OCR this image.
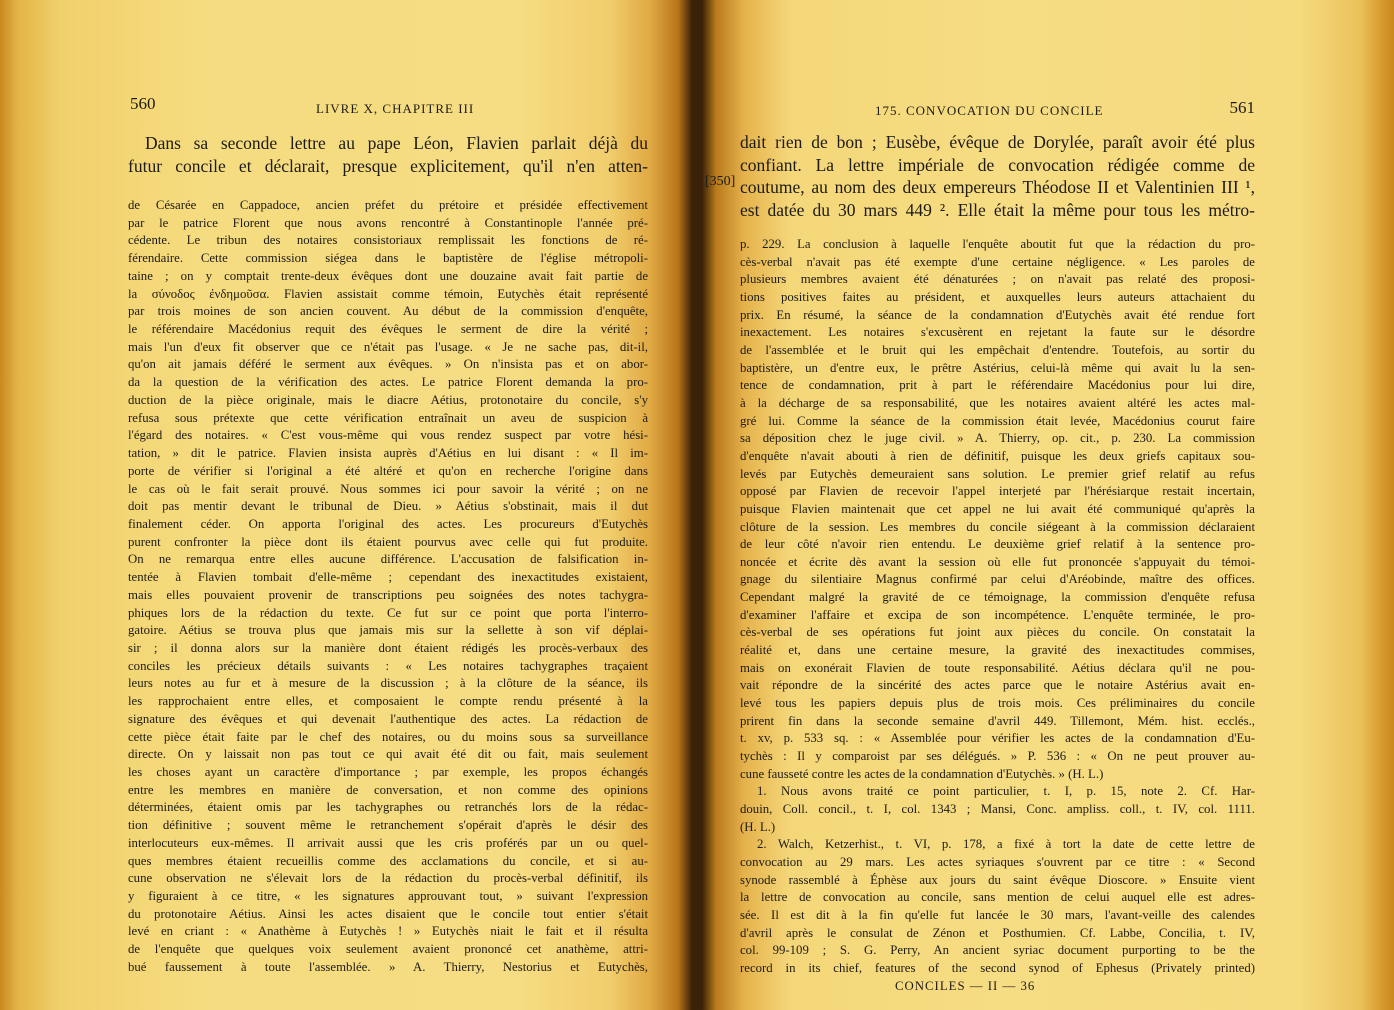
560	LIVRE X, CHAPITRE III
Dans sa seconde lettre au pape Léon, Flavien parlait déjà du
futur concile et déclarait, presque explicitement, qu'il n'en atten-
de Césarée en Cappadoce, ancien préfet du prétoire et présidée effectivement
par le patrice Florent que nous avons rencontré à Constantinople l'année pré-
cédente. Le tribun des notaires consistoriaux remplissait les fonctions de ré-
férendaire. Cette commission siégea dans le baptistère de l'église métropoli-
taine ; on y comptait trente-deux évêques dont une douzaine avait fait partie de
la σύνοδος ἐνδημοῦσα. Flavien assistait comme témoin, Eutychès était représenté
par trois moines de son ancien couvent. Au début de la commission d'enquête,
le référendaire Macédonius requit des évêques le serment de dire la vérité ;
mais l'un d'eux fit observer que ce n'était pas l'usage. « Je ne sache pas, dit-il,
qu'on ait jamais déféré le serment aux évêques. » On n'insista pas et on abor-
da la question de la vérification des actes. Le patrice Florent demanda la pro-
duction de la pièce originale, mais le diacre Aétius, protonotaire du concile, s'y
refusa sous prétexte que cette vérification entraînait un aveu de suspicion à
l'égard des notaires. « C'est vous-même qui vous rendez suspect par votre hési-
tation, » dit le patrice. Flavien insista auprès d'Aétius en lui disant : « Il im-
porte de vérifier si l'original a été altéré et qu'on en recherche l'origine dans
le cas où le fait serait prouvé. Nous sommes ici pour savoir la vérité ; on ne
doit pas mentir devant le tribunal de Dieu. » Aétius s'obstinait, mais il dut
finalement céder. On apporta l'original des actes. Les procureurs d'Eutychès
purent confronter la pièce dont ils étaient pourvus avec celle qui fut produite.
On ne remarqua entre elles aucune différence. L'accusation de falsification in-
tentée à Flavien tombait d'elle-même ; cependant des inexactitudes existaient,
mais elles pouvaient provenir de transcriptions peu soignées des notes tachygra-
phiques lors de la rédaction du texte. Ce fut sur ce point que porta l'interro-
gatoire. Aétius se trouva plus que jamais mis sur la sellette à son vif déplai-
sir ; il donna alors sur la manière dont étaient rédigés les procès-verbaux des
conciles les précieux détails suivants : « Les notaires tachygraphes traçaient
leurs notes au fur et à mesure de la discussion ; à la clôture de la séance, ils
les rapprochaient entre elles, et composaient le compte rendu présenté à la
signature des évêques et qui devenait l'authentique des actes. La rédaction de
cette pièce était faite par le chef des notaires, ou du moins sous sa surveillance
directe. On y laissait non pas tout ce qui avait été dit ou fait, mais seulement
les choses ayant un caractère d'importance ; par exemple, les propos échangés
entre les membres en manière de conversation, et non comme des opinions
déterminées, étaient omis par les tachygraphes ou retranchés lors de la rédac-
tion définitive ; souvent même le retranchement s'opérait d'après le désir des
interlocuteurs eux-mêmes. Il arrivait aussi que les cris proférés par un ou quel-
ques membres étaient recueillis comme des acclamations du concile, et si au-
cune observation ne s'élevait lors de la rédaction du procès-verbal définitif, ils
y figuraient à ce titre, « les signatures approuvant tout, » suivant l'expression
du protonotaire Aétius. Ainsi les actes disaient que le concile tout entier s'était
levé en criant : « Anathème à Eutychès ! » Eutychès niait le fait et il résulta
de l'enquête que quelques voix seulement avaient prononcé cet anathème, attri-
bué faussement à toute l'assemblée. » A. Thierry, Nestorius et Eutychès,
175. CONVOCATION DU CONCILE	561
[350]
dait rien de bon ; Eusèbe, évêque de Dorylée, paraît avoir été plus
confiant. La lettre impériale de convocation rédigée comme de
coutume, au nom des deux empereurs Théodose II et Valentinien III ¹,
est datée du 30 mars 449 ². Elle était la même pour tous les métro-
p. 229. La conclusion à laquelle l'enquête aboutit fut que la rédaction du pro-
cès-verbal n'avait pas été exempte d'une certaine négligence. « Les paroles de
plusieurs membres avaient été dénaturées ; on n'avait pas relaté des proposi-
tions positives faites au président, et auxquelles leurs auteurs attachaient du
prix. En résumé, la séance de la condamnation d'Eutychès avait été rendue fort
inexactement. Les notaires s'excusèrent en rejetant la faute sur le désordre
de l'assemblée et le bruit qui les empêchait d'entendre. Toutefois, au sortir du
baptistère, un d'entre eux, le prêtre Astérius, celui-là même qui avait lu la sen-
tence de condamnation, prit à part le référendaire Macédonius pour lui dire,
à la décharge de sa responsabilité, que les notaires avaient altéré les actes mal-
gré lui. Comme la séance de la commission était levée, Macédonius courut faire
sa déposition chez le juge civil. » A. Thierry, op. cit., p. 230. La commission
d'enquête n'avait abouti à rien de définitif, puisque les deux griefs capitaux sou-
levés par Eutychès demeuraient sans solution. Le premier grief relatif au refus
opposé par Flavien de recevoir l'appel interjeté par l'hérésiarque restait incertain,
puisque Flavien maintenait que cet appel ne lui avait été communiqué qu'après la
clôture de la session. Les membres du concile siégeant à la commission déclaraient
de leur côté n'avoir rien entendu. Le deuxième grief relatif à la sentence pro-
noncée et écrite dès avant la session où elle fut prononcée s'appuyait du témoi-
gnage du silentiaire Magnus confirmé par celui d'Aréobinde, maître des offices.
Cependant malgré la gravité de ce témoignage, la commission d'enquête refusa
d'examiner l'affaire et excipa de son incompétence. L'enquête terminée, le pro-
cès-verbal de ses opérations fut joint aux pièces du concile. On constatait la
réalité et, dans une certaine mesure, la gravité des inexactitudes commises,
mais on exonérait Flavien de toute responsabilité. Aétius déclara qu'il ne pou-
vait répondre de la sincérité des actes parce que le notaire Astérius avait en-
levé tous les papiers depuis plus de trois mois. Ces préliminaires du concile
prirent fin dans la seconde semaine d'avril 449. Tillemont, Mém. hist. ecclés.,
t. xv, p. 533 sq. : « Assemblée pour vérifier les actes de la condamnation d'Eu-
tychès : Il y comparoist par ses délégués. » P. 536 : « On ne peut prouver au-
cune fausseté contre les actes de la condamnation d'Eutychès. » (H. L.)
1. Nous avons traité ce point particulier, t. I, p. 15, note 2. Cf. Har-
douin, Coll. concil., t. I, col. 1343 ; Mansi, Conc. ampliss. coll., t. IV, col. 1111.
(H. L.)
2. Walch, Ketzerhist., t. VI, p. 178, a fixé à tort la date de cette lettre de
convocation au 29 mars. Les actes syriaques s'ouvrent par ce titre : « Second
synode rassemblé à Éphèse aux jours du saint évêque Dioscore. » Ensuite vient
la lettre de convocation au concile, sans mention de celui auquel elle est adres-
sée. Il est dit à la fin qu'elle fut lancée le 30 mars, l'avant-veille des calendes
d'avril après le consulat de Zénon et Posthumien. Cf. Labbe, Concilia, t. IV,
col. 99-109 ; S. G. Perry, An ancient syriac document purporting to be the
record in its chief, features of the second synod of Ephesus (Privately printed)
CONCILES — II — 36
